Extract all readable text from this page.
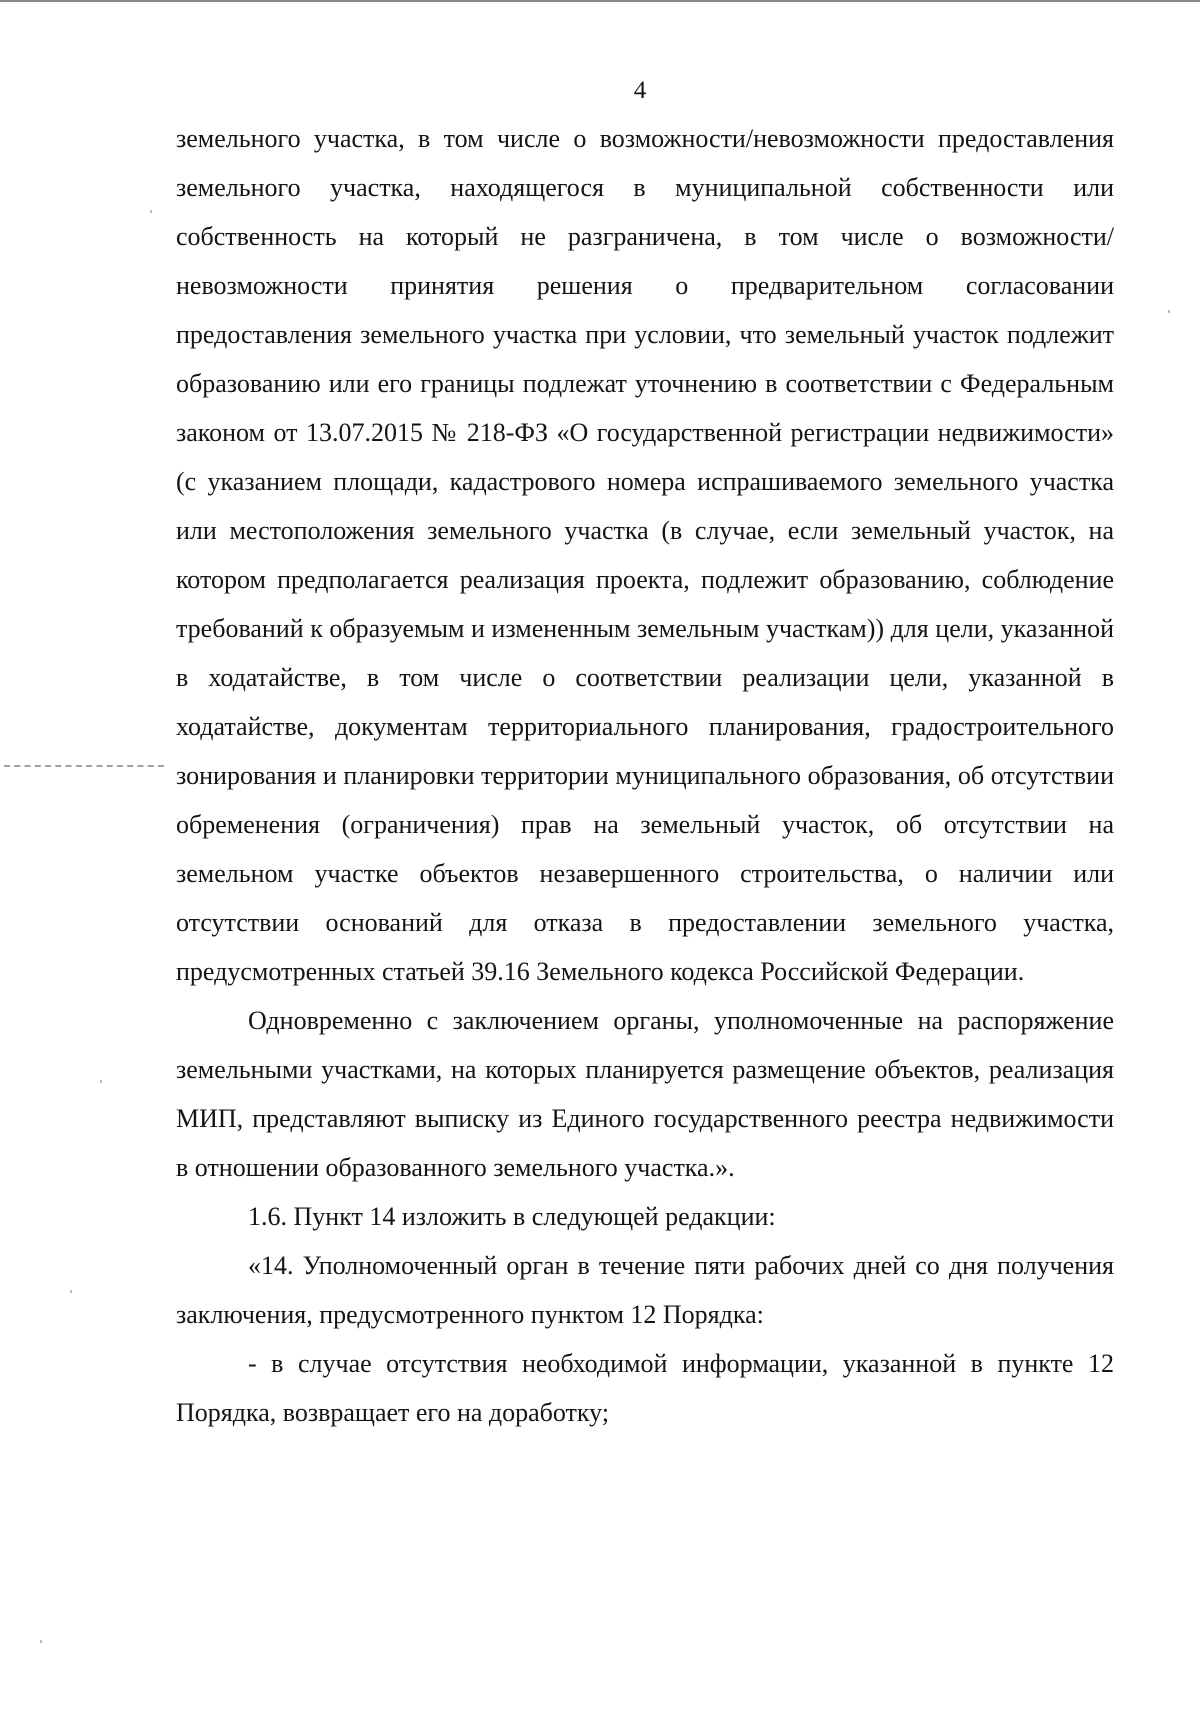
4

земельного участка, в том числе о возможности/невозможности предоставления земельного участка, находящегося в муниципальной собственности или собственность на который не разграничена, в том числе о возможности/невозможности принятия решения о предварительном согласовании предоставления земельного участка при условии, что земельный участок подлежит образованию или его границы подлежат уточнению в соответствии с Федеральным законом от 13.07.2015 № 218-ФЗ «О государственной регистрации недвижимости» (с указанием площади, кадастрового номера испрашиваемого земельного участка или местоположения земельного участка (в случае, если земельный участок, на котором предполагается реализация проекта, подлежит образованию, соблюдение требований к образуемым и измененным земельным участкам)) для цели, указанной в ходатайстве, в том числе о соответствии реализации цели, указанной в ходатайстве, документам территориального планирования, градостроительного зонирования и планировки территории муниципального образования, об отсутствии обременения (ограничения) прав на земельный участок, об отсутствии на земельном участке объектов незавершенного строительства, о наличии или отсутствии оснований для отказа в предоставлении земельного участка, предусмотренных статьей 39.16 Земельного кодекса Российской Федерации.

Одновременно с заключением органы, уполномоченные на распоряжение земельными участками, на которых планируется размещение объектов, реализация МИП, представляют выписку из Единого государственного реестра недвижимости в отношении образованного земельного участка.».

1.6. Пункт 14 изложить в следующей редакции:

«14. Уполномоченный орган в течение пяти рабочих дней со дня получения заключения, предусмотренного пунктом 12 Порядка:

- в случае отсутствия необходимой информации, указанной в пункте 12 Порядка, возвращает его на доработку;
